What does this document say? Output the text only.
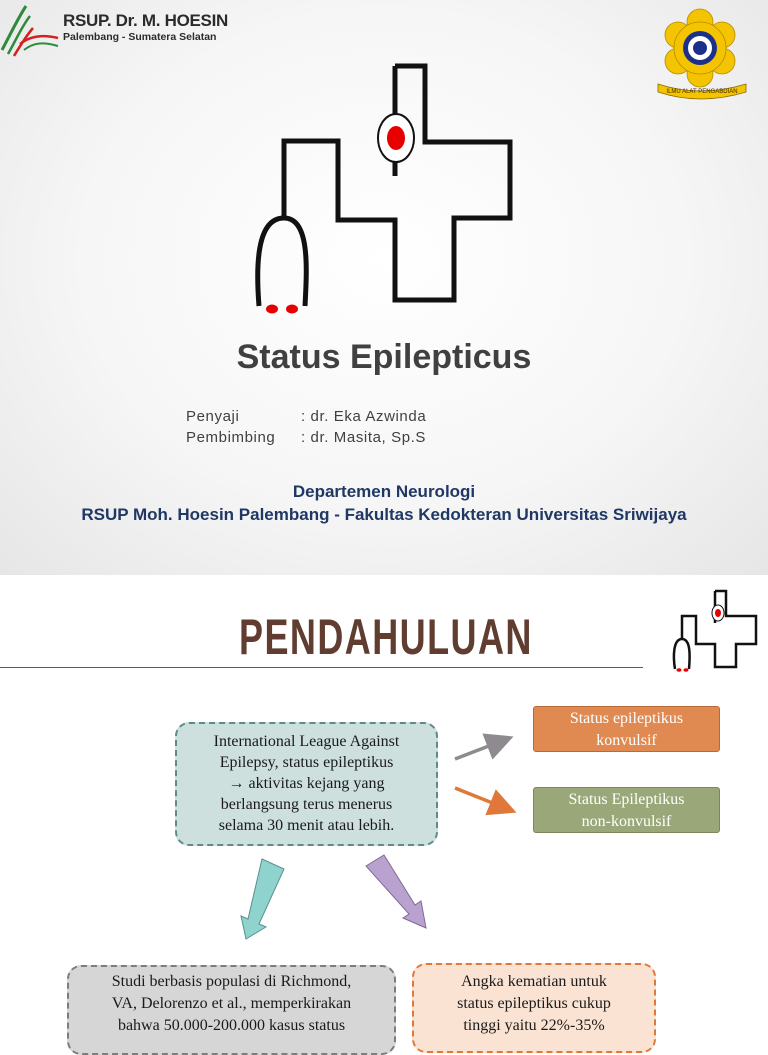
RSUP. Dr. M. HOESIN
Palembang - Sumatera Selatan
ILMU ALAT PENGABDIAN
Status Epilepticus
Penyaji	: dr. Eka Azwinda
Pembimbing : dr. Masita, Sp.S
Departemen Neurologi
RSUP Moh. Hoesin Palembang - Fakultas Kedokteran Universitas Sriwijaya
PENDAHULUAN
International League Against
Epilepsy, status epileptikus
→ aktivitas kejang yang
berlangsung terus menerus
selama 30 menit atau lebih.
Status epileptikus
konvulsif
Status Epileptikus
non-konvulsif
Studi berbasis populasi di Richmond,
VA, Delorenzo et al., memperkirakan
bahwa 50.000-200.000 kasus status
Angka kematian untuk
status epileptikus cukup
tinggi yaitu 22%-35%
